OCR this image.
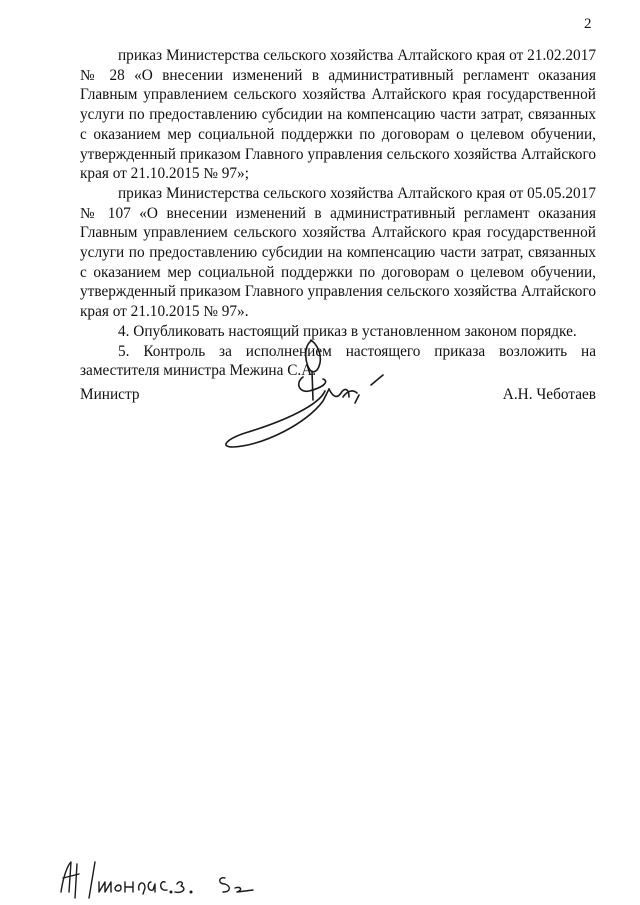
2

приказ Министерства сельского хозяйства Алтайского края от 21.02.2017 № 28 «О внесении изменений в административный регламент оказания Главным управлением сельского хозяйства Алтайского края государственной услуги по предоставлению субсидии на компенсацию части затрат, связанных с оказанием мер социальной поддержки по договорам о целевом обучении, утвержденный приказом Главного управления сельского хозяйства Алтайского края от 21.10.2015 № 97»;

приказ Министерства сельского хозяйства Алтайского края от 05.05.2017 № 107 «О внесении изменений в административный регламент оказания Главным управлением сельского хозяйства Алтайского края государственной услуги по предоставлению субсидии на компенсацию части затрат, связанных с оказанием мер социальной поддержки по договорам о целевом обучении, утвержденный приказом Главного управления сельского хозяйства Алтайского края от 21.10.2015 № 97».

4. Опубликовать настоящий приказ в установленном законом порядке.

5. Контроль за исполнением настоящего приказа возложить на заместителя министра Межина С.А.

Министр	А.Н. Чеботаев
